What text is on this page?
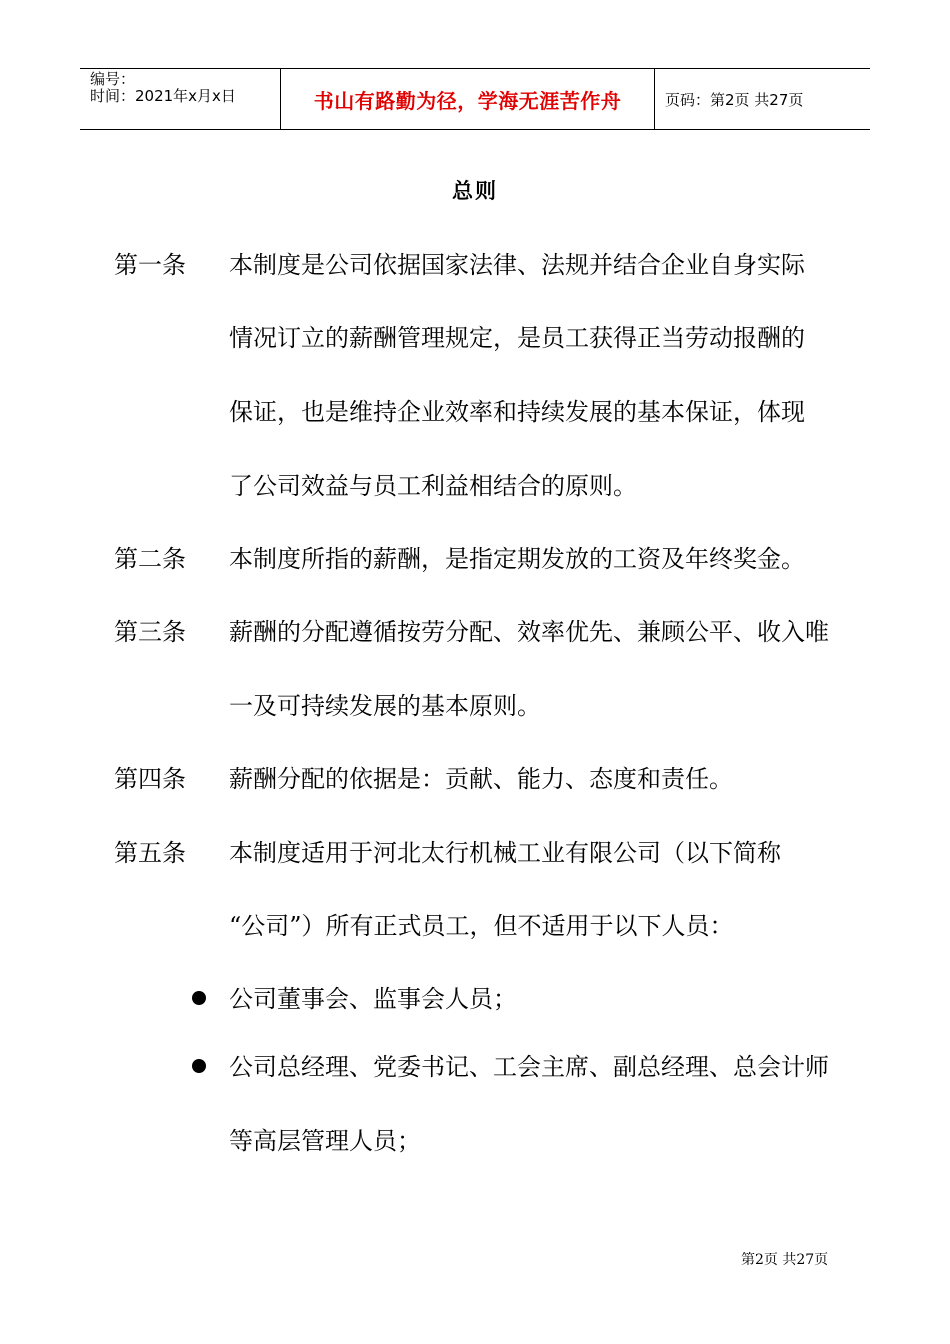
编号：
时间：2021年x月x日	书山有路勤为径，学海无涯苦作舟	页码：第2页 共27页
总则
第一条 本制度是公司依据国家法律、法规并结合企业自身实际
情况订立的薪酬管理规定，是员工获得正当劳动报酬的
保证，也是维持企业效率和持续发展的基本保证，体现
了公司效益与员工利益相结合的原则。
第二条 本制度所指的薪酬，是指定期发放的工资及年终奖金。
第三条 薪酬的分配遵循按劳分配、效率优先、兼顾公平、收入唯
一及可持续发展的基本原则。
第四条 薪酬分配的依据是：贡献、能力、态度和责任。
第五条 本制度适用于河北太行机械工业有限公司（以下简称
“公司”）所有正式员工，但不适用于以下人员：
公司董事会、监事会人员；
公司总经理、党委书记、工会主席、副总经理、总会计师
等高层管理人员；
第2页 共27页
